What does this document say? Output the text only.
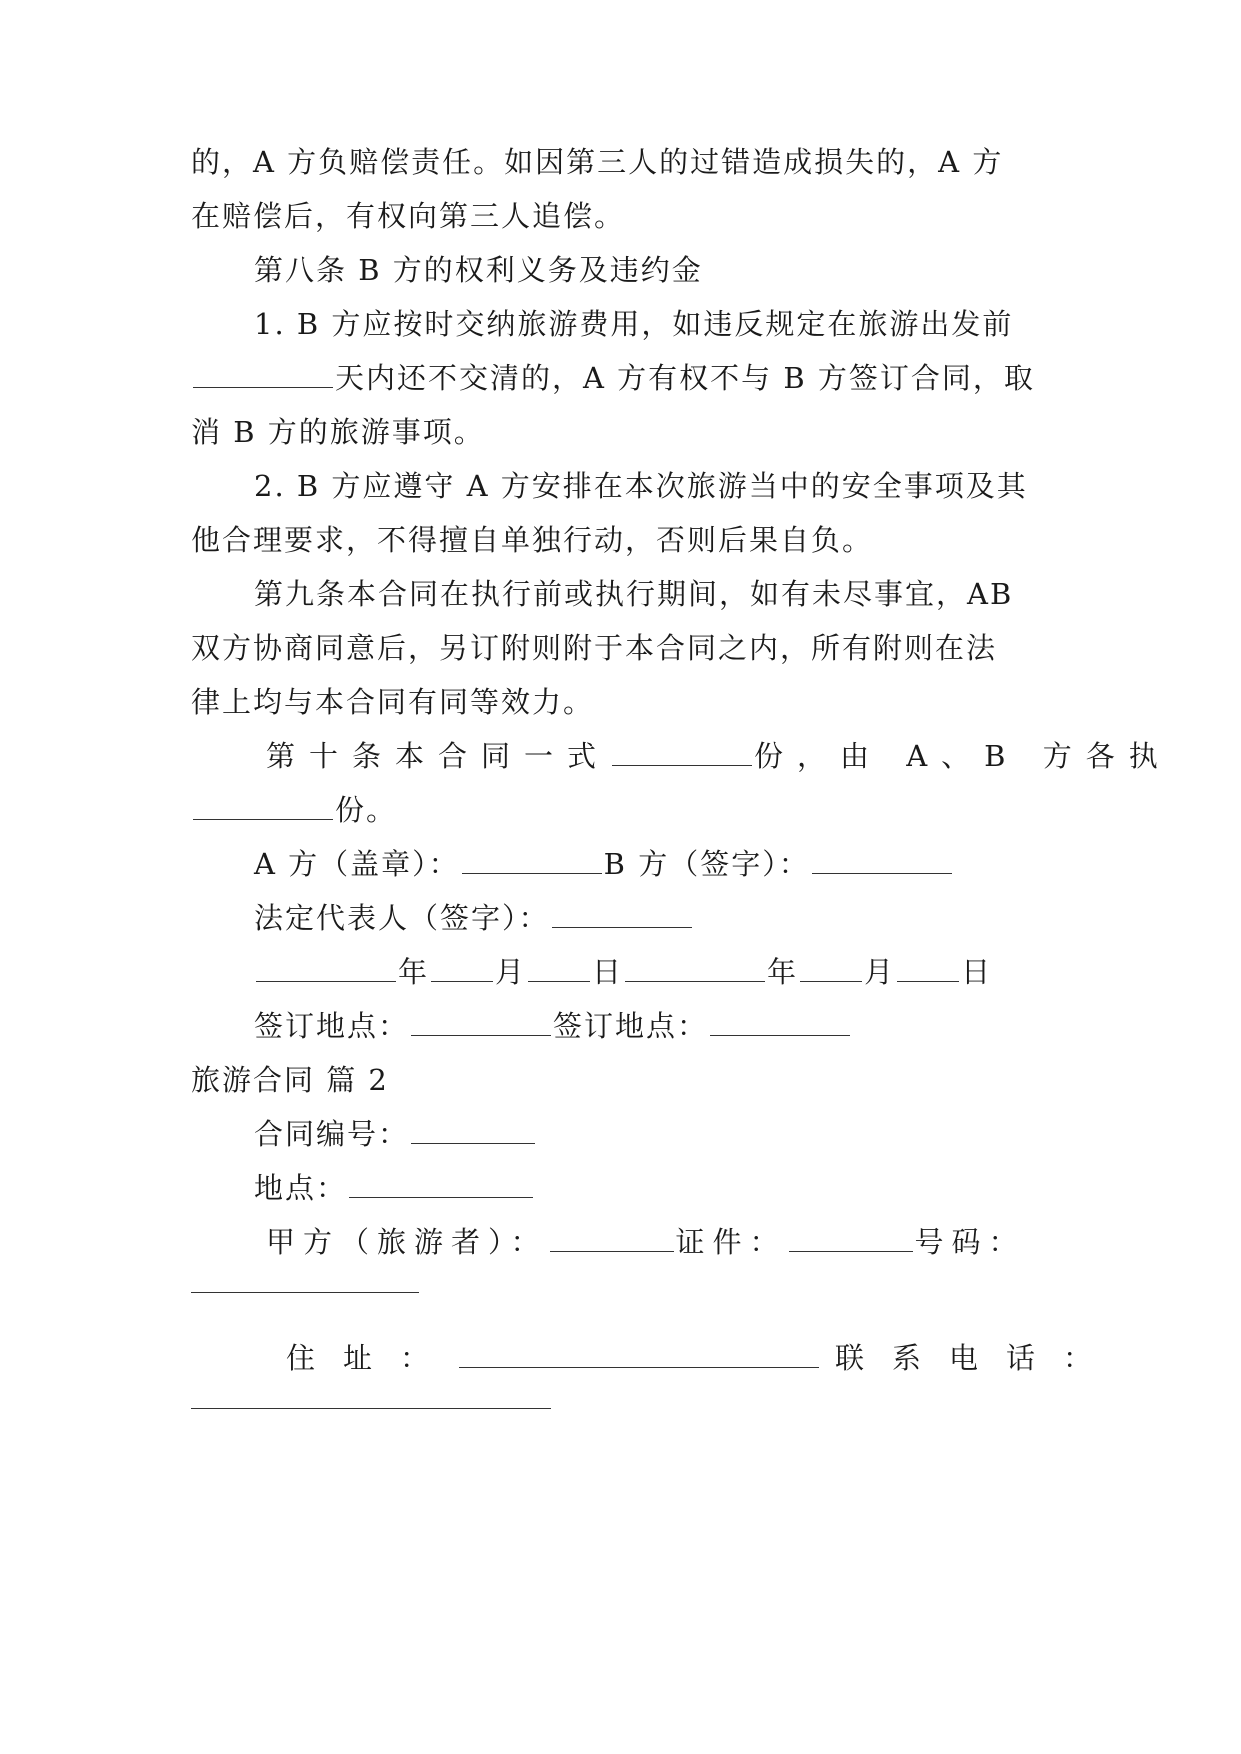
的，A 方负赔偿责任。如因第三人的过错造成损失的，A 方
在赔偿后，有权向第三人追偿。
第八条 B 方的权利义务及违约金
1. B 方应按时交纳旅游费用，如违反规定在旅游出发前
天内还不交清的，A 方有权不与 B 方签订合同，取
消 B 方的旅游事项。
2. B 方应遵守 A 方安排在本次旅游当中的安全事项及其
他合理要求，不得擅自单独行动，否则后果自负。
第九条本合同在执行前或执行期间，如有未尽事宜，AB
双方协商同意后，另订附则附于本合同之内，所有附则在法
律上均与本合同有同等效力。
第十条本合同一式	份，由 A、B 方各执
份。
A 方（盖章）：	B 方（签字）：
法定代表人（签字）：
年 月 日	年 月 日
签订地点：	签订地点：
旅游合同 篇 2
合同编号：
地点：
甲方（旅游者）：	证件：	号码：
住址：	联系电话：
